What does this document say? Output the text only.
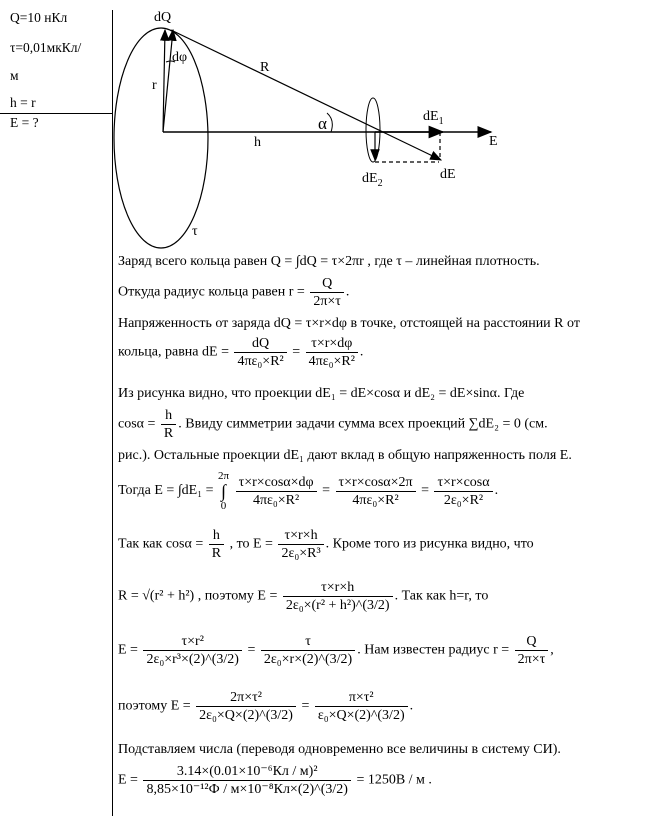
Q=10 нКл
τ=0,01мкКл/
м
h = r
E = ?
dQ
dφ
r
R
α
h
$dE_1$
E
$dE_2$
dE
τ
Заряд всего кольца равен Q = ∫dQ = τ×2πr , где τ – линейная плотность.
Откуда радиус кольца равен $r = \frac{Q}{2\pi\times\tau}$ .
Напряженность от заряда dQ = τ×r×dφ в точке, отстоящей на расстоянии R от
кольца, равна dE = $\frac{dQ}{\text{4πε₀×R²}} = \frac{\tau\times r\times d\varphi}{\text{4πε₀×R²}}$ .
Из рисунка видно, что проекции dE₁ = dE×cosα и dE₂ = dE×sinα. Где
$\cos\alpha = \frac{h}{R}$ . Ввиду симметрии задачи сумма всех проекций ∑dE₂ = 0 (см.
рис.). Остальные проекции dE₁ дают вклад в общую напряженность поля E.
Тогда E = ∫dE₁ =
2π
∫
0
$\frac{\tau\times r\times\cos\alpha\times d\varphi}{\text{4πε₀×R²}} = \frac{\tau\times r\times\cos\alpha\times 2\pi}{\text{4πε₀×R²}} = \frac{\tau\times r\times\cos\alpha}{\text{2ε₀×R²}}$ .
Так как $\cos\alpha = \frac{h}{R}$ , то $E = \frac{\tau\times r\times h}{\text{2ε₀×R³}}$ . Кроме того из рисунка видно, что
R = √(r² + h²) , поэтому $E = \frac{\tau\times r\times h}{\text{2ε₀×(r² + h²)\textasciicircum{}(3/2)}}$ . Так как h=r, то
$E = \frac{\text{τ×r²}}{\text{2ε₀×r³×(2)\textasciicircum{}(3/2)}} = \frac{\tau}{\text{2ε₀×r×(2)\textasciicircum{}(3/2)}}$ . Нам известен радиус $r = \frac{Q}{2\pi\times\tau}$ ,
поэтому $E = \frac{\text{2π×τ²}}{\text{2ε₀×Q×(2)\textasciicircum{}(3/2)}} = \frac{\text{π×τ²}}{\text{ε₀×Q×(2)\textasciicircum{}(3/2)}}$ .
Подставляем числа (переводя одновременно все величины в систему СИ).
$E = \frac{\text{3.14×(0.01×10⁻⁶Кл / м)²}}{\text{8,85×10⁻¹²Ф / м×10⁻⁸Кл×(2)\textasciicircum{}(3/2)}} = 1250В / м$ .
